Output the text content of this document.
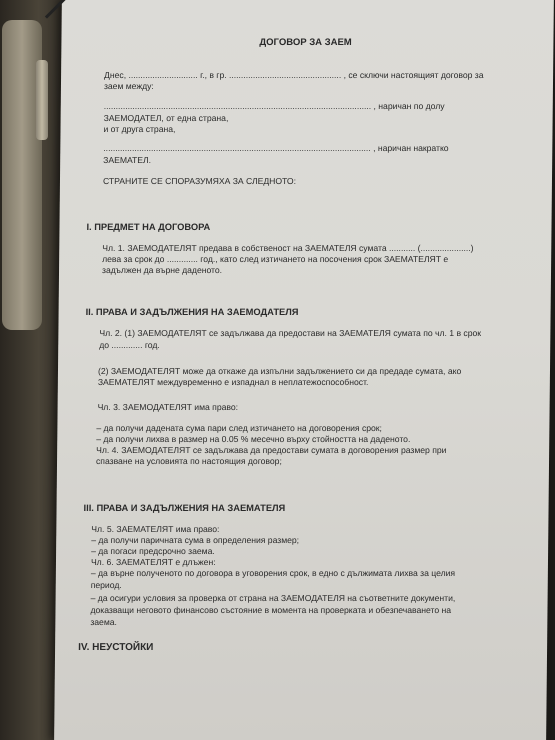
ДОГОВОР ЗА ЗАЕМ
Днес, ............................. г., в гр. ............................................... , се сключи настоящият договор за
заем между:
................................................................................................................ , наричан по долу
ЗАЕМОДАТЕЛ, от една страна,
и от друга страна,
................................................................................................................ , наричан накратко
ЗАЕМАТЕЛ.
СТРАНИТЕ СЕ СПОРАЗУМЯХА ЗА СЛЕДНОТО:
I. ПРЕДМЕТ НА ДОГОВОРА
Чл. 1. ЗАЕМОДАТЕЛЯТ предава в собственост на ЗАЕМАТЕЛЯ сумата ........... (.....................)
лева за срок до ............. год., като след изтичането на посочения срок ЗАЕМАТЕЛЯТ е
задължен да върне даденото.
II. ПРАВА И ЗАДЪЛЖЕНИЯ НА ЗАЕМОДАТЕЛЯ
Чл. 2. (1) ЗАЕМОДАТЕЛЯТ се задължава да предостави на ЗАЕМАТЕЛЯ сумата по чл. 1 в срок
до ............. год.
(2) ЗАЕМОДАТЕЛЯТ може да откаже да изпълни задължението си да предаде сумата, ако
ЗАЕМАТЕЛЯТ междувременно е изпаднал в неплатежоспособност.
Чл. 3. ЗАЕМОДАТЕЛЯТ има право:
– да получи дадената сума пари след изтичането на договорения срок;
– да получи лихва в размер на 0.05 % месечно върху стойността на даденото.
Чл. 4. ЗАЕМОДАТЕЛЯТ се задължава да предостави сумата в договорения размер при
спазване на условията по настоящия договор;
III. ПРАВА И ЗАДЪЛЖЕНИЯ НА ЗАЕМАТЕЛЯ
Чл. 5. ЗАЕМАТЕЛЯТ има право:
– да получи паричната сума в определения размер;
– да погаси предсрочно заема.
Чл. 6. ЗАЕМАТЕЛЯТ е длъжен:
– да върне полученото по договора в уговорения срок, в едно с дължимата лихва за целия
период.
– да осигури условия за проверка от страна на ЗАЕМОДАТЕЛЯ на съответните документи,
доказващи неговото финансово състояние в момента на проверката и обезпечаването на
заема.
IV. НЕУСТОЙКИ
